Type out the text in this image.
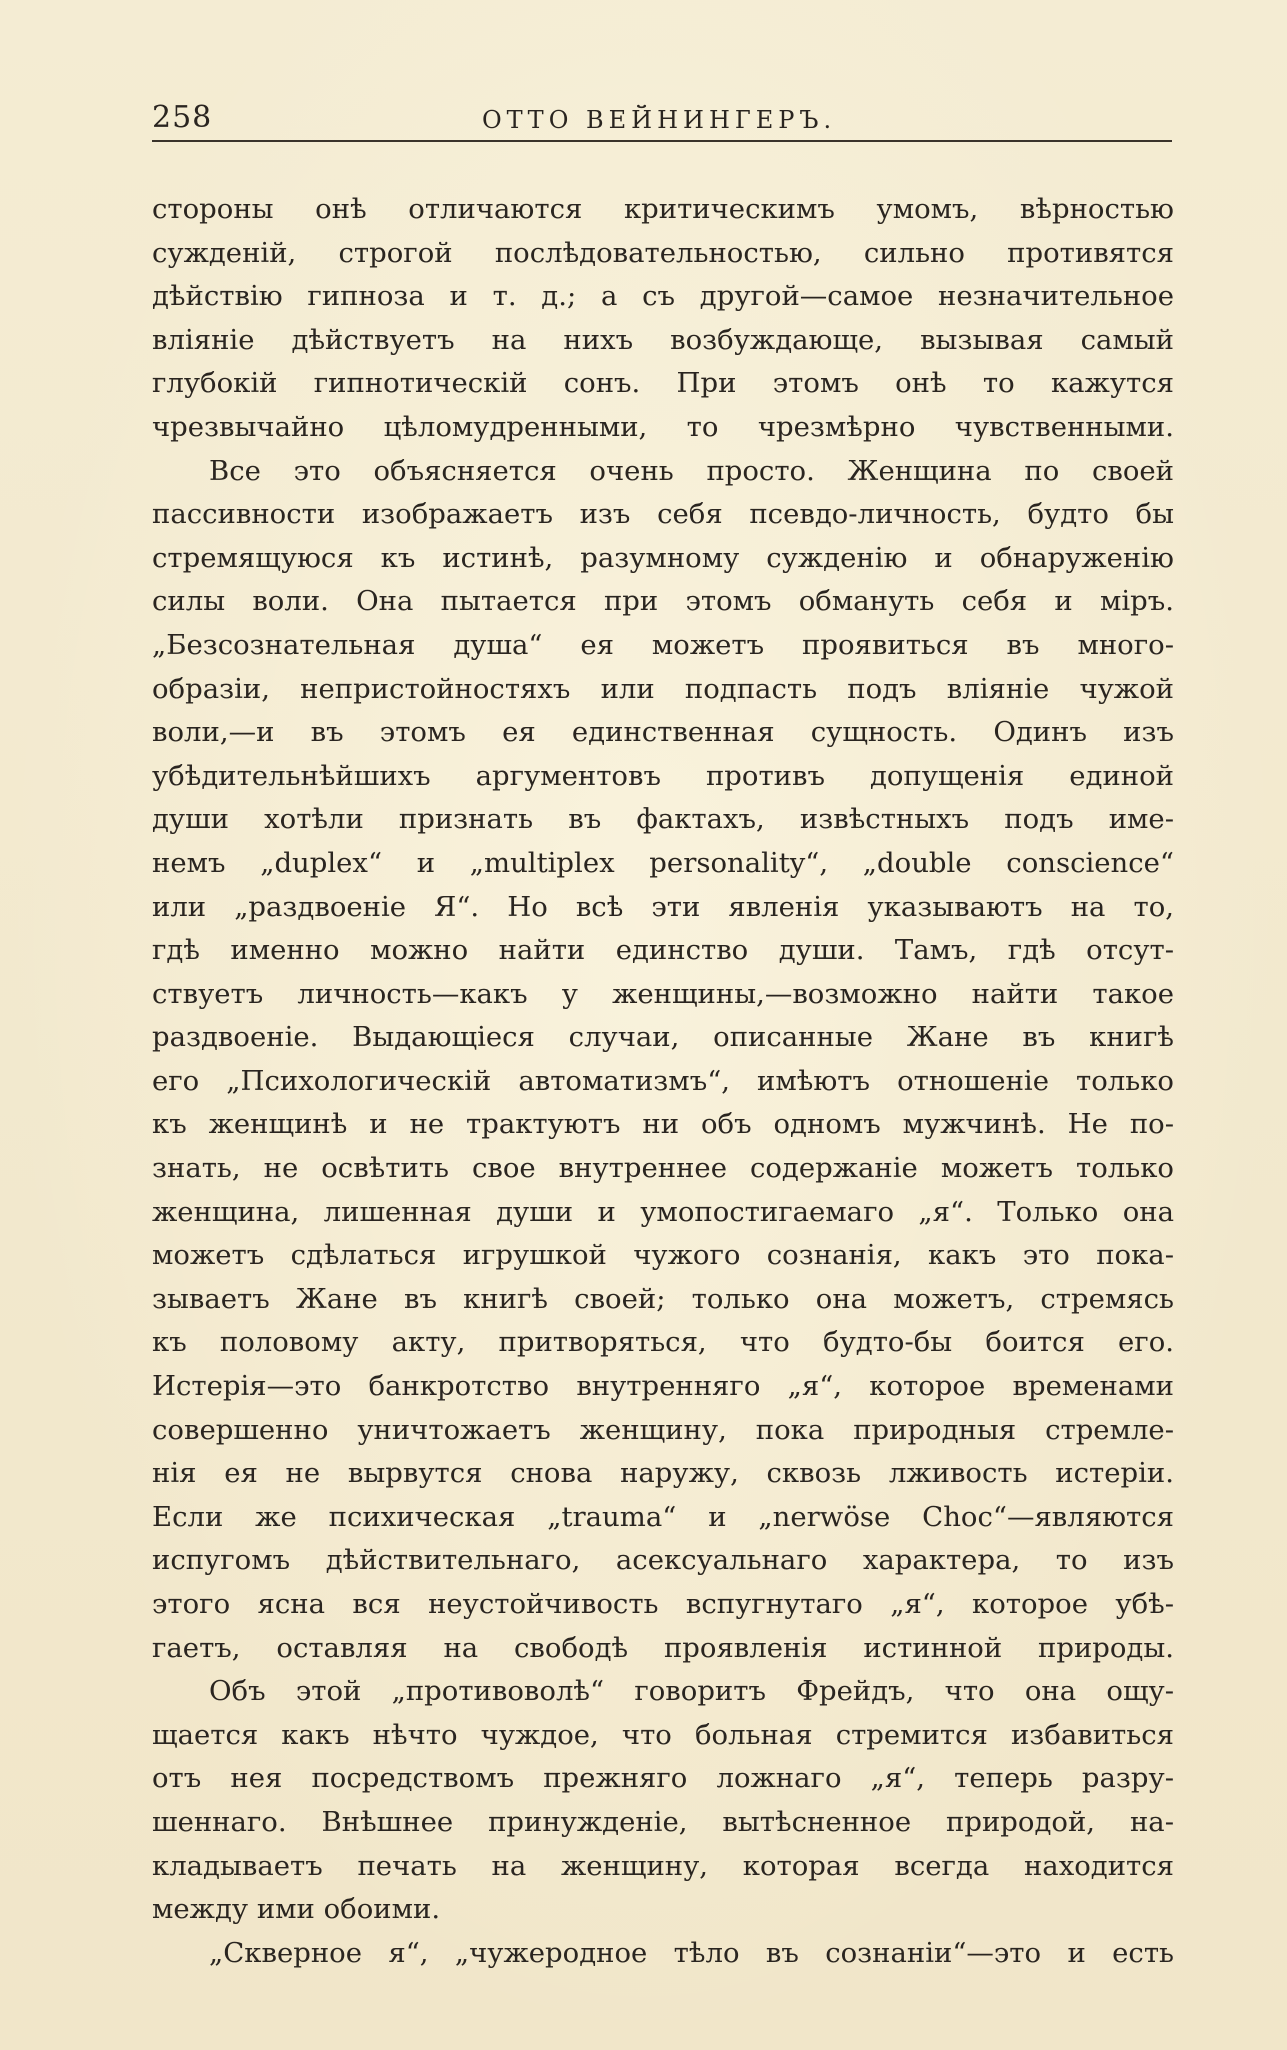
258	ОТТО ВЕЙНИНГЕРЪ.
стороны онѣ отличаются критическимъ умомъ, вѣрностью
сужденій, строгой послѣдовательностью, сильно противятся
дѣйствію гипноза и т. д.; а съ другой—самое незначительное
вліяніе дѣйствуетъ на нихъ возбуждающе, вызывая самый
глубокій гипнотическій сонъ. При этомъ онѣ то кажутся
чрезвычайно цѣломудренными, то чрезмѣрно чувственными.
Все это объясняется очень просто. Женщина по своей
пассивности изображаетъ изъ себя псевдо-личность, будто бы
стремящуюся къ истинѣ, разумному сужденію и обнаруженію
силы воли. Она пытается при этомъ обмануть себя и міръ.
„Безсознательная душа“ ея можетъ проявиться въ много-
образіи, непристойностяхъ или подпасть подъ вліяніе чужой
воли,—и въ этомъ ея единственная сущность. Одинъ изъ
убѣдительнѣйшихъ аргументовъ противъ допущенія единой
души хотѣли признать въ фактахъ, извѣстныхъ подъ име-
немъ „duplex“ и „multiplex personality“, „double conscience“
или „раздвоеніе Я“. Но всѣ эти явленія указываютъ на то,
гдѣ именно можно найти единство души. Тамъ, гдѣ отсут-
ствуетъ личность—какъ у женщины,—возможно найти такое
раздвоеніе. Выдающіеся случаи, описанные Жане въ книгѣ
его „Психологическій автоматизмъ“, имѣютъ отношеніе только
къ женщинѣ и не трактуютъ ни объ одномъ мужчинѣ. Не по-
знать, не освѣтить свое внутреннее содержаніе можетъ только
женщина, лишенная души и умопостигаемаго „я“. Только она
можетъ сдѣлаться игрушкой чужого сознанія, какъ это пока-
зываетъ Жане въ книгѣ своей; только она можетъ, стремясь
къ половому акту, притворяться, что будто-бы боится его.
Истерія—это банкротство внутренняго „я“, которое временами
совершенно уничтожаетъ женщину, пока природныя стремле-
нія ея не вырвутся снова наружу, сквозь лживость истеріи.
Если же психическая „trauma“ и „nerwöse Choc“—являются
испугомъ дѣйствительнаго, асексуальнаго характера, то изъ
этого ясна вся неустойчивость вспугнутаго „я“, которое убѣ-
гаетъ, оставляя на свободѣ проявленія истинной природы.
Объ этой „противоволѣ“ говоритъ Фрейдъ, что она ощу-
щается какъ нѣчто чуждое, что больная стремится избавиться
отъ нея посредствомъ прежняго ложнаго „я“, теперь разру-
шеннаго. Внѣшнее принужденіе, вытѣсненное природой, на-
кладываетъ печать на женщину, которая всегда находится
между ими обоими.
„Скверное я“, „чужеродное тѣло въ сознаніи“—это и есть
